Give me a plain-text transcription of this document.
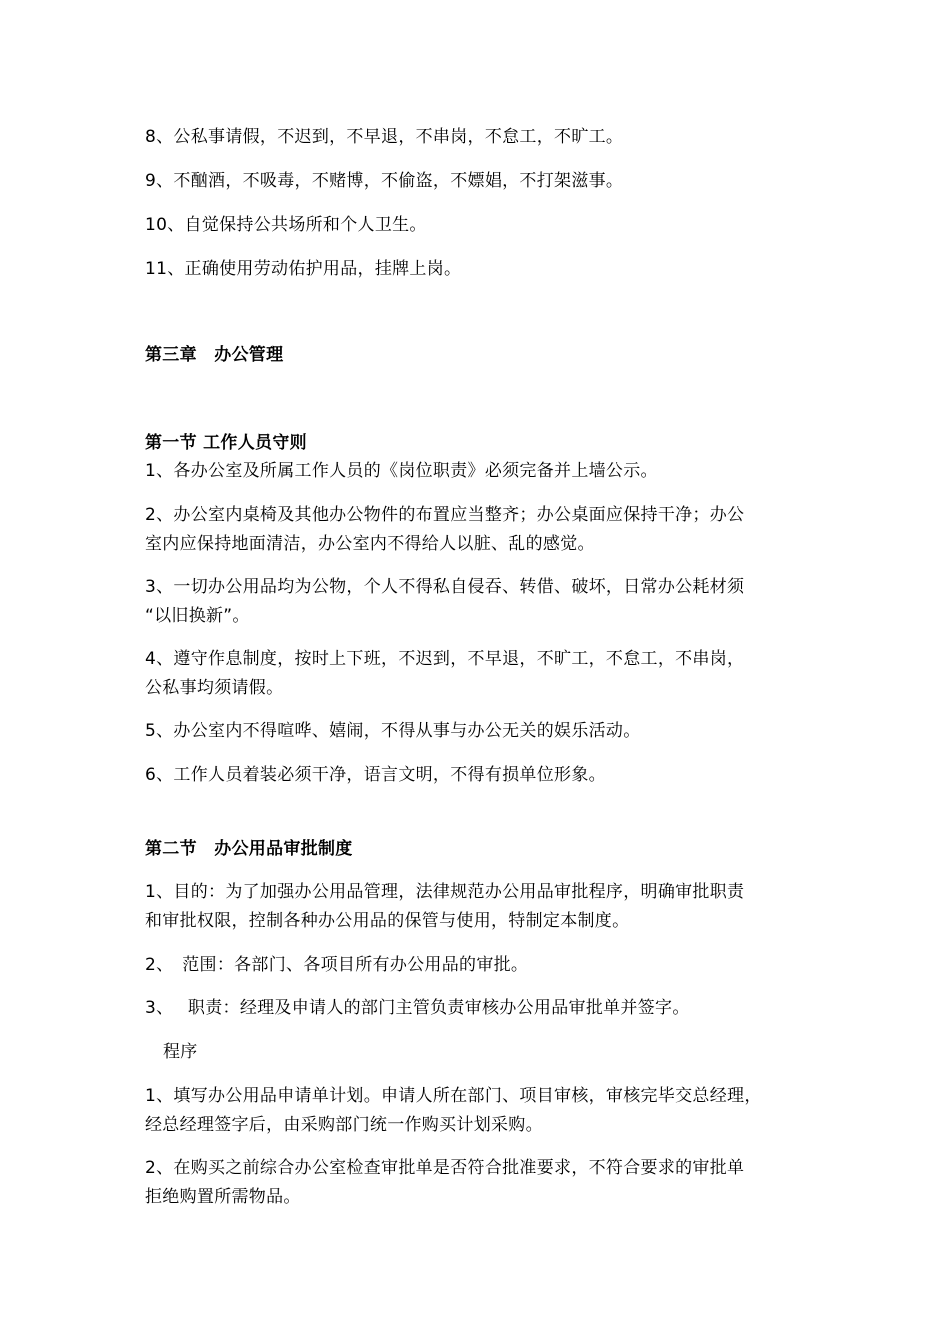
8、公私事请假，不迟到，不早退，不串岗，不怠工，不旷工。
9、不酗酒，不吸毒，不赌博，不偷盗，不嫖娼，不打架滋事。
10、自觉保持公共场所和个人卫生。
11、正确使用劳动佑护用品，挂牌上岗。
第三章　办公管理
第一节 工作人员守则
1、各办公室及所属工作人员的《岗位职责》必须完备并上墙公示。
2、办公室内桌椅及其他办公物件的布置应当整齐；办公桌面应保持干净；办公
室内应保持地面清洁，办公室内不得给人以脏、乱的感觉。
3、一切办公用品均为公物，个人不得私自侵吞、转借、破坏，日常办公耗材须
“以旧换新”。
4、遵守作息制度，按时上下班，不迟到，不早退，不旷工，不怠工，不串岗，
公私事均须请假。
5、办公室内不得喧哗、嬉闹，不得从事与办公无关的娱乐活动。
6、工作人员着装必须干净，语言文明，不得有损单位形象。
第二节　办公用品审批制度
1、目的：为了加强办公用品管理，法律规范办公用品审批程序，明确审批职责
和审批权限，控制各种办公用品的保管与使用，特制定本制度。
2、　范围：各部门、各项目所有办公用品的审批。
3、　 职责：经理及申请人的部门主管负责审核办公用品审批单并签字。
程序
1、填写办公用品申请单计划。申请人所在部门、项目审核，审核完毕交总经理，
经总经理签字后，由采购部门统一作购买计划采购。
2、在购买之前综合办公室检查审批单是否符合批准要求，不符合要求的审批单
拒绝购置所需物品。
